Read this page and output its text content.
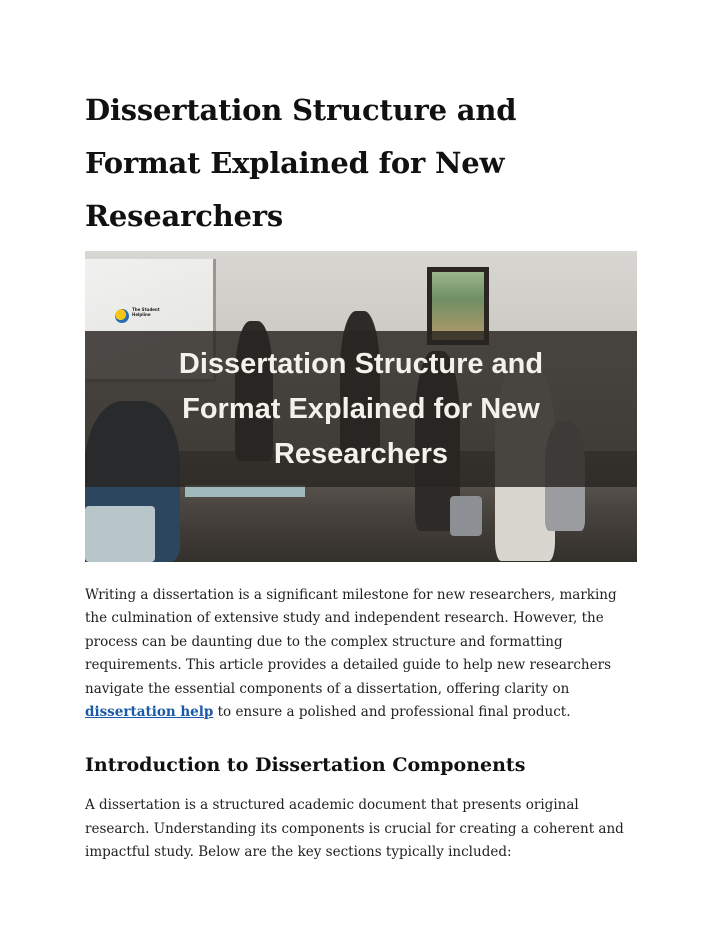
Dissertation Structure and Format Explained for New Researchers
The Student Helpline
Dissertation Structure and Format Explained for New Researchers

Writing a dissertation is a significant milestone for new researchers, marking the culmination of extensive study and independent research. However, the process can be daunting due to the complex structure and formatting requirements. This article provides a detailed guide to help new researchers navigate the essential components of a dissertation, offering clarity on dissertation help to ensure a polished and professional final product.

Introduction to Dissertation Components

A dissertation is a structured academic document that presents original research. Understanding its components is crucial for creating a coherent and impactful study. Below are the key sections typically included:
